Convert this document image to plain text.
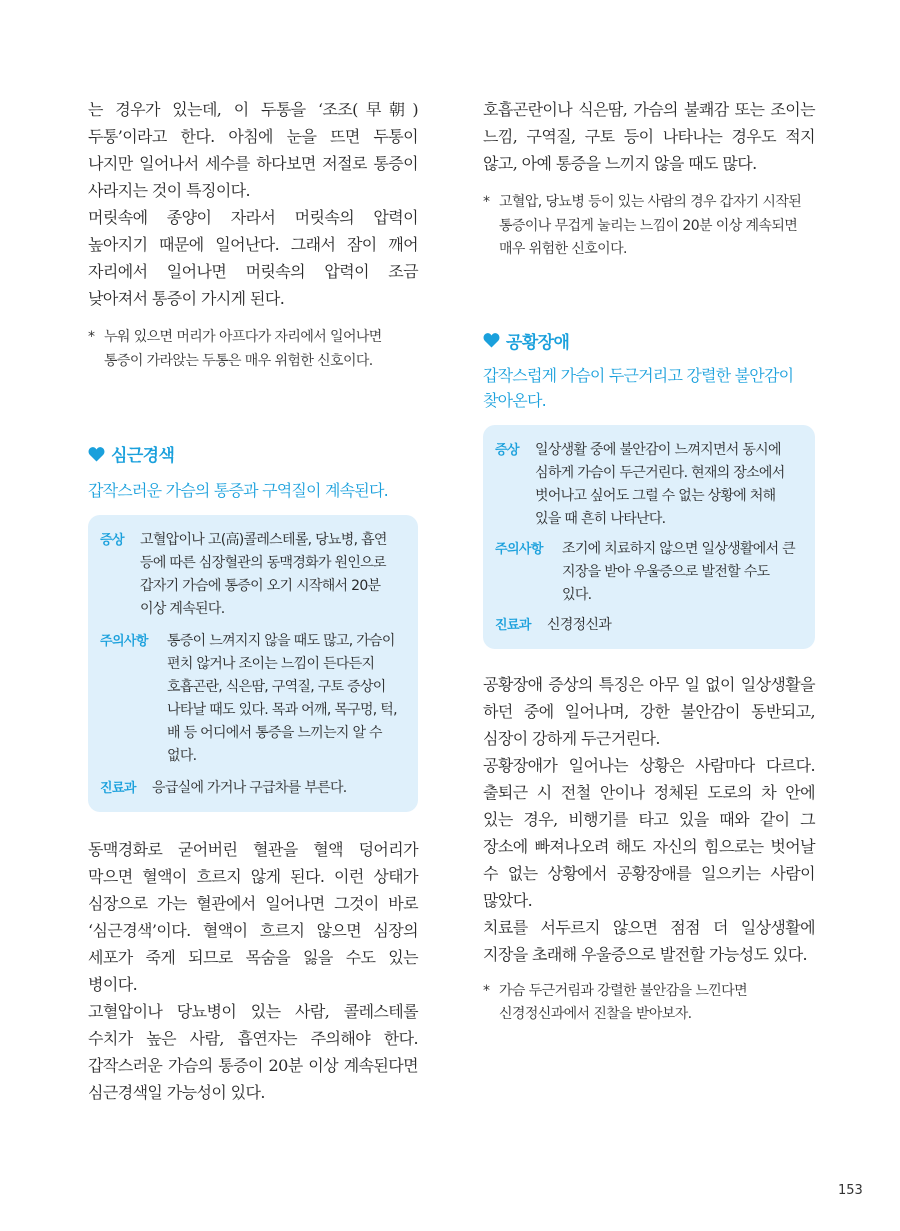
는 경우가 있는데, 이 두통을 ‘조조(早朝) 두통’이라고 한다. 아침에 눈을 뜨면 두통이 나지만 일어나서 세수를 하다보면 저절로 통증이 사라지는 것이 특징이다.

머릿속에 종양이 자라서 머릿속의 압력이 높아지기 때문에 일어난다. 그래서 잠이 깨어 자리에서 일어나면 머릿속의 압력이 조금 낮아져서 통증이 가시게 된다.

* 누워 있으면 머리가 아프다가 자리에서 일어나면 통증이 가라앉는 두통은 매우 위험한 신호이다.

심근경색

갑작스러운 가슴의 통증과 구역질이 계속된다.

증상	고혈압이나 고(高)콜레스테롤, 당뇨병, 흡연 등에 따른 심장혈관의 동맥경화가 원인으로 갑자기 가슴에 통증이 오기 시작해서 20분 이상 계속된다.
주의사항	통증이 느껴지지 않을 때도 많고, 가슴이 편치 않거나 조이는 느낌이 든다든지 호흡곤란, 식은땀, 구역질, 구토 증상이 나타날 때도 있다. 목과 어깨, 목구멍, 턱, 배 등 어디에서 통증을 느끼는지 알 수 없다.
진료과	응급실에 가거나 구급차를 부른다.

동맥경화로 굳어버린 혈관을 혈액 덩어리가 막으면 혈액이 흐르지 않게 된다. 이런 상태가 심장으로 가는 혈관에서 일어나면 그것이 바로 ‘심근경색’이다. 혈액이 흐르지 않으면 심장의 세포가 죽게 되므로 목숨을 잃을 수도 있는 병이다.

고혈압이나 당뇨병이 있는 사람, 콜레스테롤 수치가 높은 사람, 흡연자는 주의해야 한다. 갑작스러운 가슴의 통증이 20분 이상 계속된다면 심근경색일 가능성이 있다.

호흡곤란이나 식은땀, 가슴의 불쾌감 또는 조이는 느낌, 구역질, 구토 등이 나타나는 경우도 적지 않고, 아예 통증을 느끼지 않을 때도 많다.

* 고혈압, 당뇨병 등이 있는 사람의 경우 갑자기 시작된 통증이나 무겁게 눌리는 느낌이 20분 이상 계속되면 매우 위험한 신호이다.

공황장애

갑작스럽게 가슴이 두근거리고 강렬한 불안감이 찾아온다.

증상	일상생활 중에 불안감이 느껴지면서 동시에 심하게 가슴이 두근거린다. 현재의 장소에서 벗어나고 싶어도 그럴 수 없는 상황에 처해 있을 때 흔히 나타난다.
주의사항	조기에 치료하지 않으면 일상생활에서 큰 지장을 받아 우울증으로 발전할 수도 있다.
진료과	신경정신과

공황장애 증상의 특징은 아무 일 없이 일상생활을 하던 중에 일어나며, 강한 불안감이 동반되고, 심장이 강하게 두근거린다.

공황장애가 일어나는 상황은 사람마다 다르다. 출퇴근 시 전철 안이나 정체된 도로의 차 안에 있는 경우, 비행기를 타고 있을 때와 같이 그 장소에 빠져나오려 해도 자신의 힘으로는 벗어날 수 없는 상황에서 공황장애를 일으키는 사람이 많았다.

치료를 서두르지 않으면 점점 더 일상생활에 지장을 초래해 우울증으로 발전할 가능성도 있다.

* 가슴 두근거림과 강렬한 불안감을 느낀다면 신경정신과에서 진찰을 받아보자.

153
